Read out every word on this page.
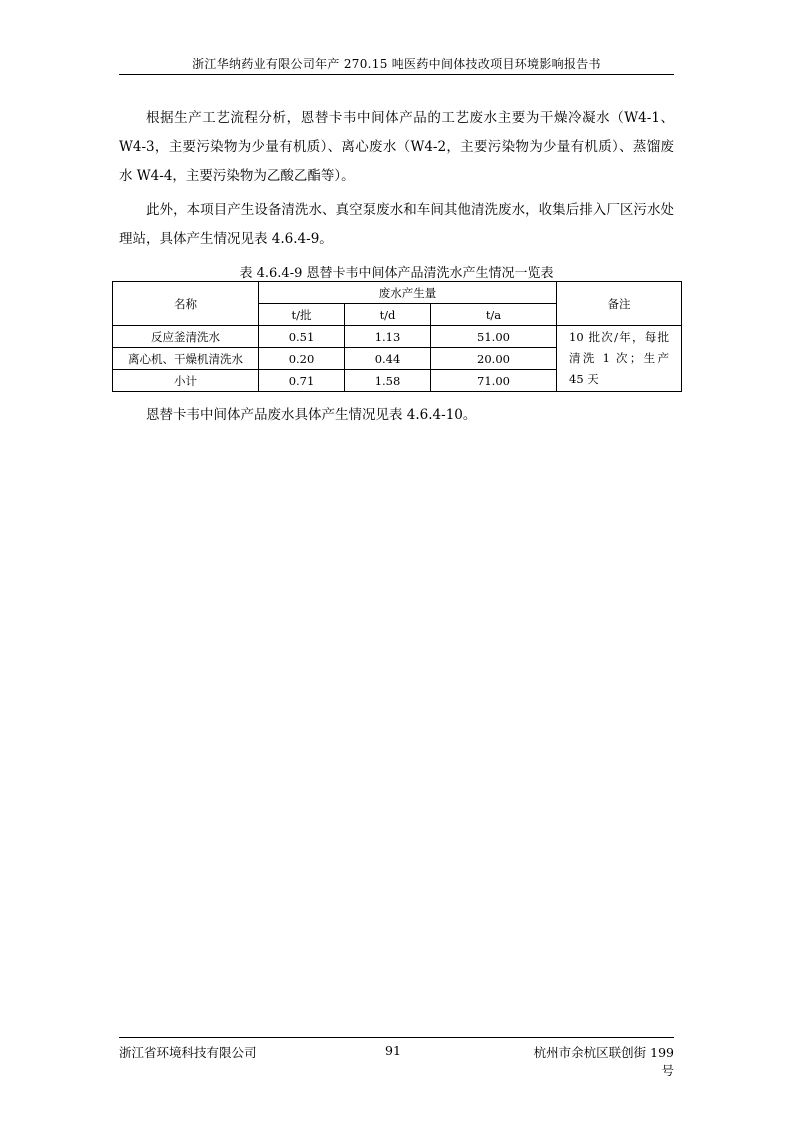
浙江华纳药业有限公司年产 270.15 吨医药中间体技改项目环境影响报告书

根据生产工艺流程分析，恩替卡韦中间体产品的工艺废水主要为干燥冷凝水（W4-1、W4-3，主要污染物为少量有机质）、离心废水（W4-2，主要污染物为少量有机质）、蒸馏废水 W4-4，主要污染物为乙酸乙酯等）。

此外，本项目产生设备清洗水、真空泵废水和车间其他清洗废水，收集后排入厂区污水处理站，具体产生情况见表 4.6.4-9。

表 4.6.4-9 恩替卡韦中间体产品清洗水产生情况一览表
名称	废水产生量			备注
	t/批	t/d	t/a	
反应釜清洗水	0.51	1.13	51.00	10 批次/年，每批清洗 1 次；生产 45 天
离心机、干燥机清洗水	0.20	0.44	20.00	
小计	0.71	1.58	71.00	

恩替卡韦中间体产品废水具体产生情况见表 4.6.4-10。

浙江省环境科技有限公司	91	杭州市余杭区联创街 199 号
